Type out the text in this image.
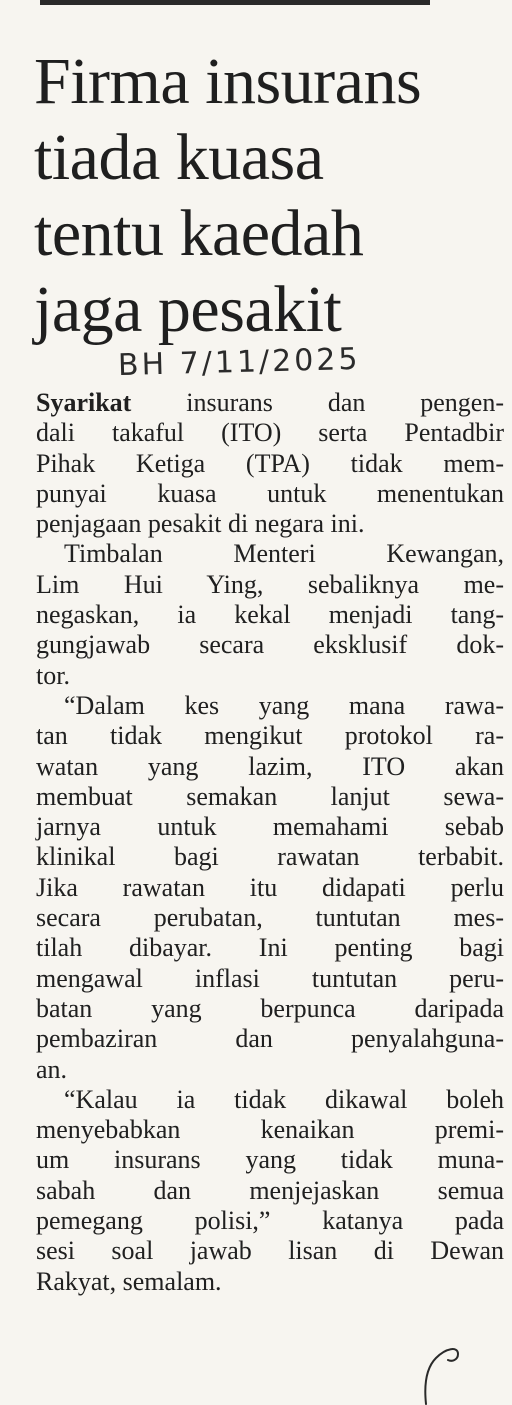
Firma insurans
tiada kuasa
tentu kaedah
jaga pesakit
BH 7/11/2025

Syarikat insurans dan pengen-
dali takaful (ITO) serta Pentadbir
Pihak Ketiga (TPA) tidak mem-
punyai kuasa untuk menentukan
penjagaan pesakit di negara ini.

Timbalan Menteri Kewangan,
Lim Hui Ying, sebaliknya me-
negaskan, ia kekal menjadi tang-
gungjawab secara eksklusif dok-
tor.

“Dalam kes yang mana rawa-
tan tidak mengikut protokol ra-
watan yang lazim, ITO akan
membuat semakan lanjut sewa-
jarnya untuk memahami sebab
klinikal bagi rawatan terbabit.
Jika rawatan itu didapati perlu
secara perubatan, tuntutan mes-
tilah dibayar. Ini penting bagi
mengawal inflasi tuntutan peru-
batan yang berpunca daripada
pembaziran dan penyalahguna-
an.

“Kalau ia tidak dikawal boleh
menyebabkan kenaikan premi-
um insurans yang tidak muna-
sabah dan menjejaskan semua
pemegang polisi,” katanya pada
sesi soal jawab lisan di Dewan
Rakyat, semalam.
